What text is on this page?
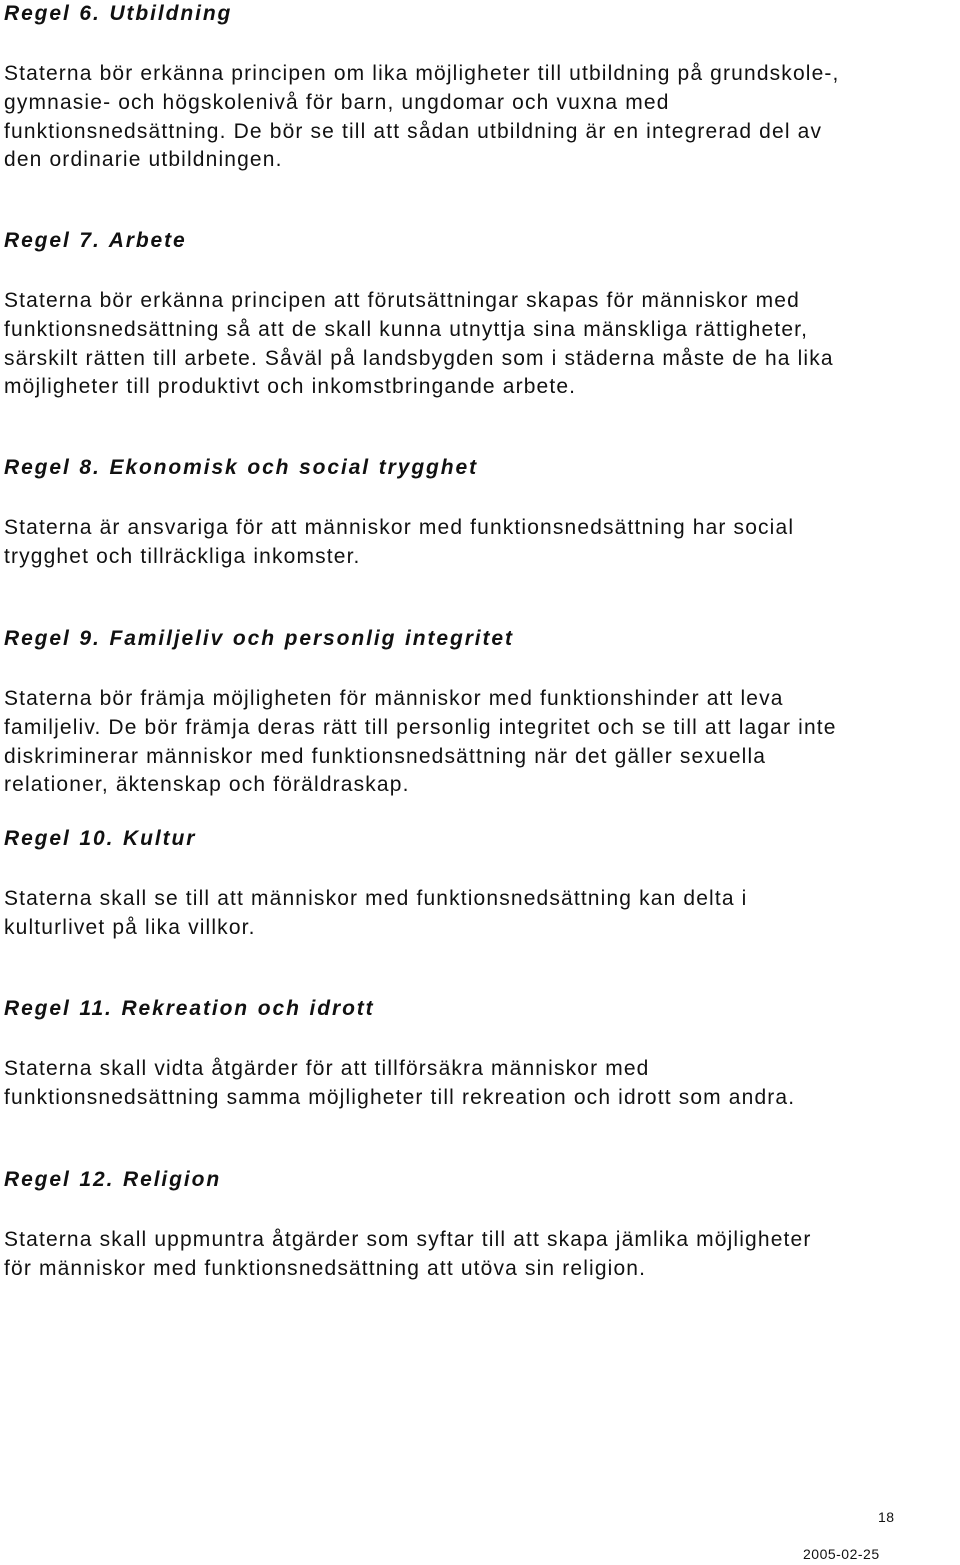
Regel 6. Utbildning

Staterna bör erkänna principen om lika möjligheter till utbildning på grundskole-,
gymnasie- och högskolenivå för barn, ungdomar och vuxna med
funktionsnedsättning. De bör se till att sådan utbildning är en integrerad del av
den ordinarie utbildningen.

Regel 7. Arbete

Staterna bör erkänna principen att förutsättningar skapas för människor med
funktionsnedsättning så att de skall kunna utnyttja sina mänskliga rättigheter,
särskilt rätten till arbete. Såväl på landsbygden som i städerna måste de ha lika
möjligheter till produktivt och inkomstbringande arbete.

Regel 8. Ekonomisk och social trygghet

Staterna är ansvariga för att människor med funktionsnedsättning har social
trygghet och tillräckliga inkomster.

Regel 9. Familjeliv och personlig integritet

Staterna bör främja möjligheten för människor med funktionshinder att leva
familjeliv. De bör främja deras rätt till personlig integritet och se till att lagar inte
diskriminerar människor med funktionsnedsättning när det gäller sexuella
relationer, äktenskap och föräldraskap.

Regel 10. Kultur

Staterna skall se till att människor med funktionsnedsättning kan delta i
kulturlivet på lika villkor.

Regel 11. Rekreation och idrott

Staterna skall vidta åtgärder för att tillförsäkra människor med
funktionsnedsättning samma möjligheter till rekreation och idrott som andra.

Regel 12. Religion

Staterna skall uppmuntra åtgärder som syftar till att skapa jämlika möjligheter
för människor med funktionsnedsättning att utöva sin religion.

18
2005-02-25
